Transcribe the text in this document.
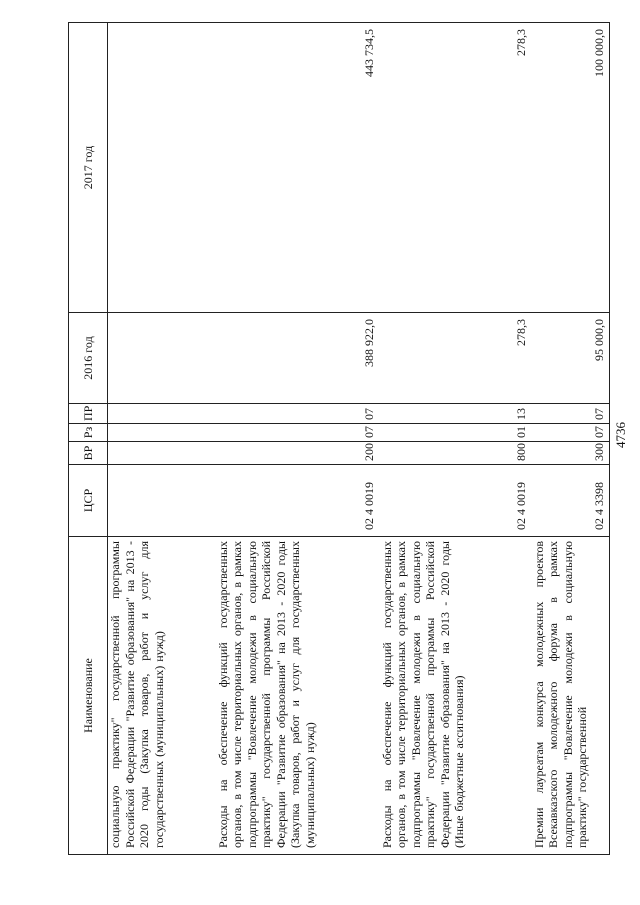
Наименование	ЦСР	ВР	Рз	ПР	2016 год	2017 год
социальную практику" государственной программы Российской Федерации "Развитие образования" на 2013 - 2020 годы (Закупка товаров, работ и услуг для государственных (муниципальных) нужд)						
Расходы на обеспечение функций государственных органов, в том числе территориальных органов, в рамках подпрограммы "Вовлечение молодежи в социальную практику" государственной программы Российской Федерации "Развитие образования" на 2013 - 2020 годы (Закупка товаров, работ и услуг для государственных (муниципальных) нужд)	02 4 0019	200	07	07	388 922,0	443 734,5
Расходы на обеспечение функций государственных органов, в том числе территориальных органов, в рамках подпрограммы "Вовлечение молодежи в социальную практику" государственной программы Российской Федерации "Развитие образования" на 2013 - 2020 годы (Иные бюджетные ассигнования)	02 4 0019	800	01	13	278,3	278,3
Премии лауреатам конкурса молодежных проектов Всекавказского молодежного форума в рамках подпрограммы "Вовлечение молодежи в социальную практику" государственной	02 4 3398	300	07	07	95 000,0	100 000,0
4736
